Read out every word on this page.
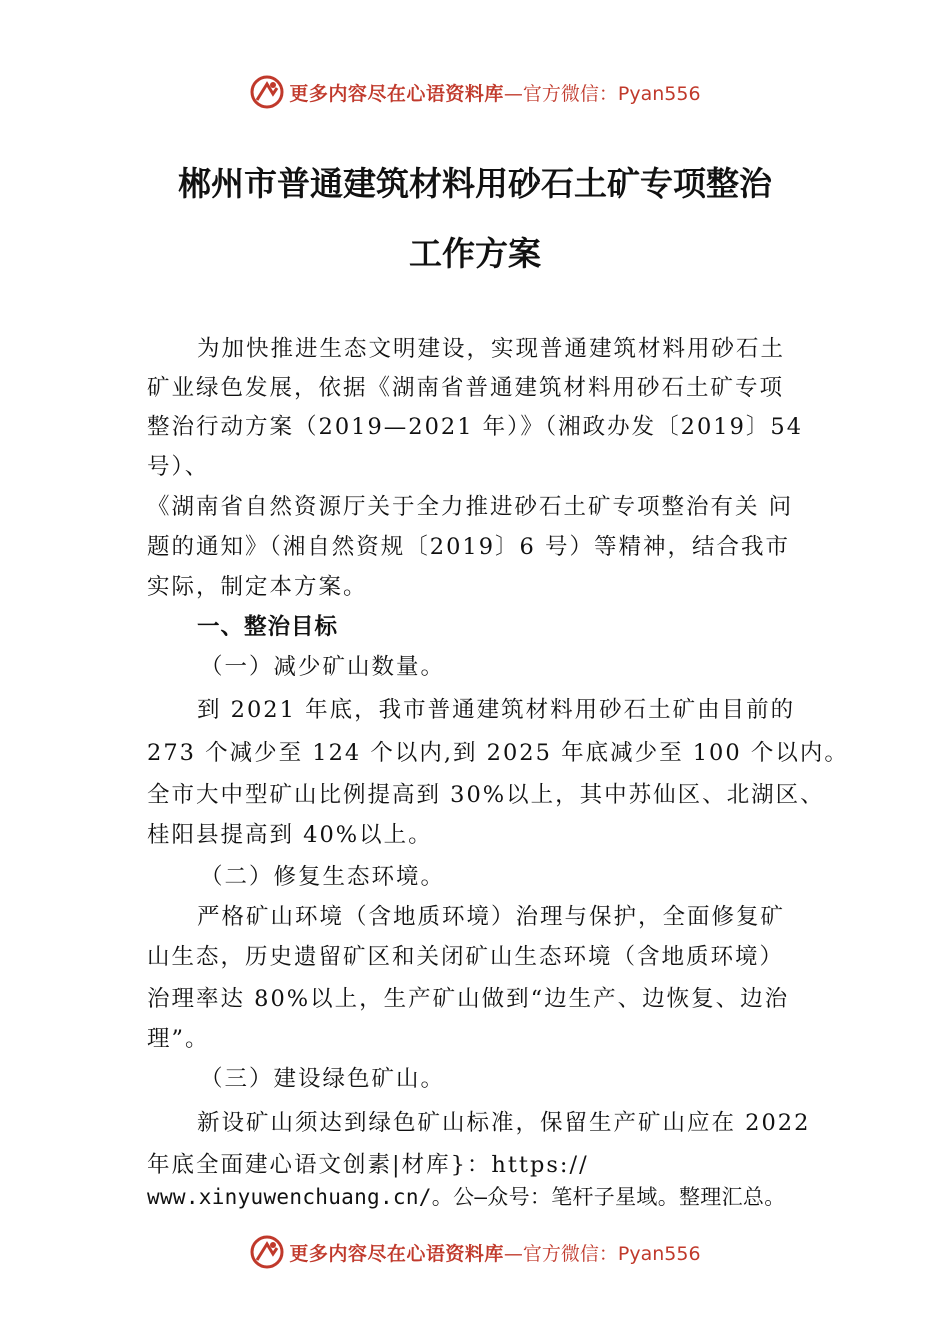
更多内容尽在心语资料库 —官方微信：Pyan556
郴州市普通建筑材料用砂石土矿专项整治
工作方案
为加快推进生态文明建设，实现普通建筑材料用砂石土
矿业绿色发展，依据《湖南省普通建筑材料用砂石土矿专项
整治行动方案（2019—2021 年）》（湘政办发〔2019〕54
号）、
《湖南省自然资源厅关于全力推进砂石土矿专项整治有关 问
题的通知》（湘自然资规〔2019〕6 号）等精神，结合我市
实际，制定本方案。
一、整治目标
（一）减少矿山数量。
到 2021 年底，我市普通建筑材料用砂石土矿由目前的
273 个减少至 124 个以内,到 2025 年底减少至 100 个以内。
全市大中型矿山比例提高到 30%以上，其中苏仙区、北湖区、
桂阳县提高到 40%以上。
（二）修复生态环境。
严格矿山环境（含地质环境）治理与保护，全面修复矿
山生态，历史遗留矿区和关闭矿山生态环境（含地质环境）
治理率达 80%以上，生产矿山做到“边生产、边恢复、边治
理”。
（三）建设绿色矿山。
新设矿山须达到绿色矿山标准，保留生产矿山应在 2022
年底全面建心语文创素|材库}：https://
www.xinyuwenchuang.cn/。公—众号：笔杆子星域。整理汇总。
更多内容尽在心语资料库 —官方微信：Pyan556
